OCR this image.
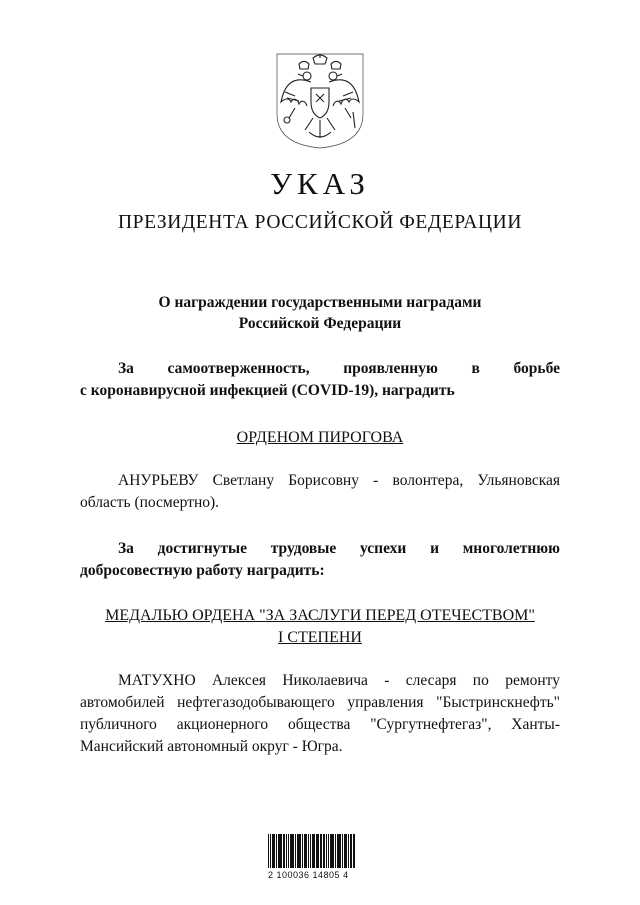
УКАЗ
ПРЕЗИДЕНТА РОССИЙСКОЙ ФЕДЕРАЦИИ
О награждении государственными наградами
Российской Федерации
За самоотверженность, проявленную в борьбе
с коронавирусной инфекцией (COVID-19), наградить
ОРДЕНОМ ПИРОГОВА
АНУРЬЕВУ Светлану Борисовну - волонтера, Ульяновская
область (посмертно).
За достигнутые трудовые успехи и многолетнюю
добросовестную работу наградить:
МЕДАЛЬЮ ОРДЕНА "ЗА ЗАСЛУГИ ПЕРЕД ОТЕЧЕСТВОМ"
I СТЕПЕНИ
МАТУХНО Алексея Николаевича - слесаря по ремонту
автомобилей нефтегазодобывающего управления "Быстринскнефть"
публичного акционерного общества "Сургутнефтегаз", Ханты-
Мансийский автономный округ - Югра.
2 100036 14805 4
